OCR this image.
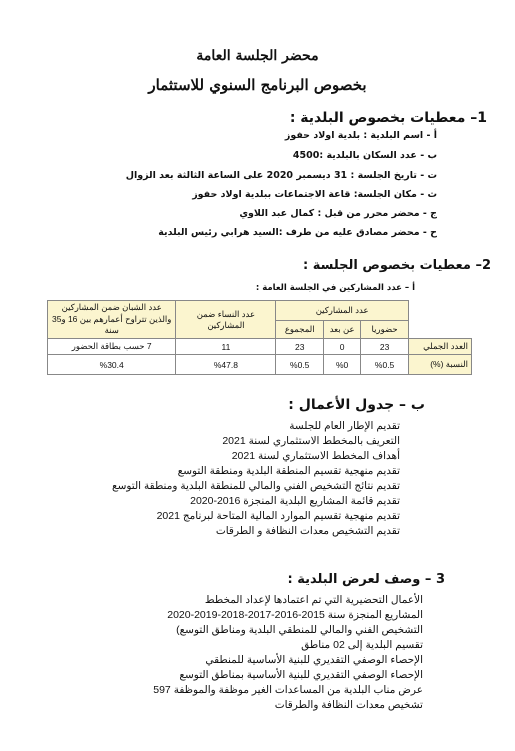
محضر الجلسة العامة
بخصوص البرنامج السنوي للاستثمار
1– معطيات بخصوص البلدية :
أ - اسم البلدية : بلدية اولاد حفوز
ب - عدد السكان بالبلدية :4500
ت - تاريخ الجلسة : 31 ديسمبر 2020 على الساعة الثالثة بعد الزوال
ث - مكان الجلسة: قاعة الاجتماعات ببلدية اولاد حفوز
ج - محضر محرر من قبل : كمال عبد اللاوي
ح - محضر مصادق عليه من طرف :السيد هرابي رئيس البلدية
2– معطيات بخصوص الجلسة :
أ – عدد المشاركين في الجلسة العامة :
	عدد المشاركين			عدد النساء ضمن المشاركين	عدد الشبان ضمن المشاركين والذين تتراوح أعمارهم بين 16 و35 سنة
	حضوريا	عن بعد	المجموع		
العدد الجملي	23	0	23	11	7 حسب بطاقة الحضور
النسبة (%)	%0.5	%0	%0.5	%47.8	%30.4
ب – جدول الأعمال :
تقديم الإطار العام للجلسة
التعريف بالمخطط الاستثماري لسنة 2021
أهداف المخطط الاستثماري لسنة 2021
تقديم منهجية تقسيم المنطقة البلدية ومنطقة التوسع
تقديم نتائج التشخيص الفني والمالي للمنطقة البلدية ومنطقة التوسع
تقديم قائمة المشاريع البلدية المنجزة 2016-2020
تقديم منهجية تقسيم الموارد المالية المتاحة لبرنامج 2021
تقديم التشخيص معدات النظافة و الطرقات
3 – وصف لعرض البلدية :
الأعمال التحضيرية التي تم اعتمادها لإعداد المخطط
المشاريع المنجزة سنة 2015-2016-2017-2018-2019-2020
التشخيص الفني والمالي للمنطقي البلدية ومناطق التوسع)
تقسيم البلدية إلى 02 مناطق
الإحصاء الوصفي التقديري للبنية الأساسية للمنطقي
الإحصاء الوصفي التقديري للبنية الأساسية بمناطق التوسع
عرض مناب البلدية من المساعدات الغير موظفة والموظفة 597
تشخيص معدات النظافة والطرقات
